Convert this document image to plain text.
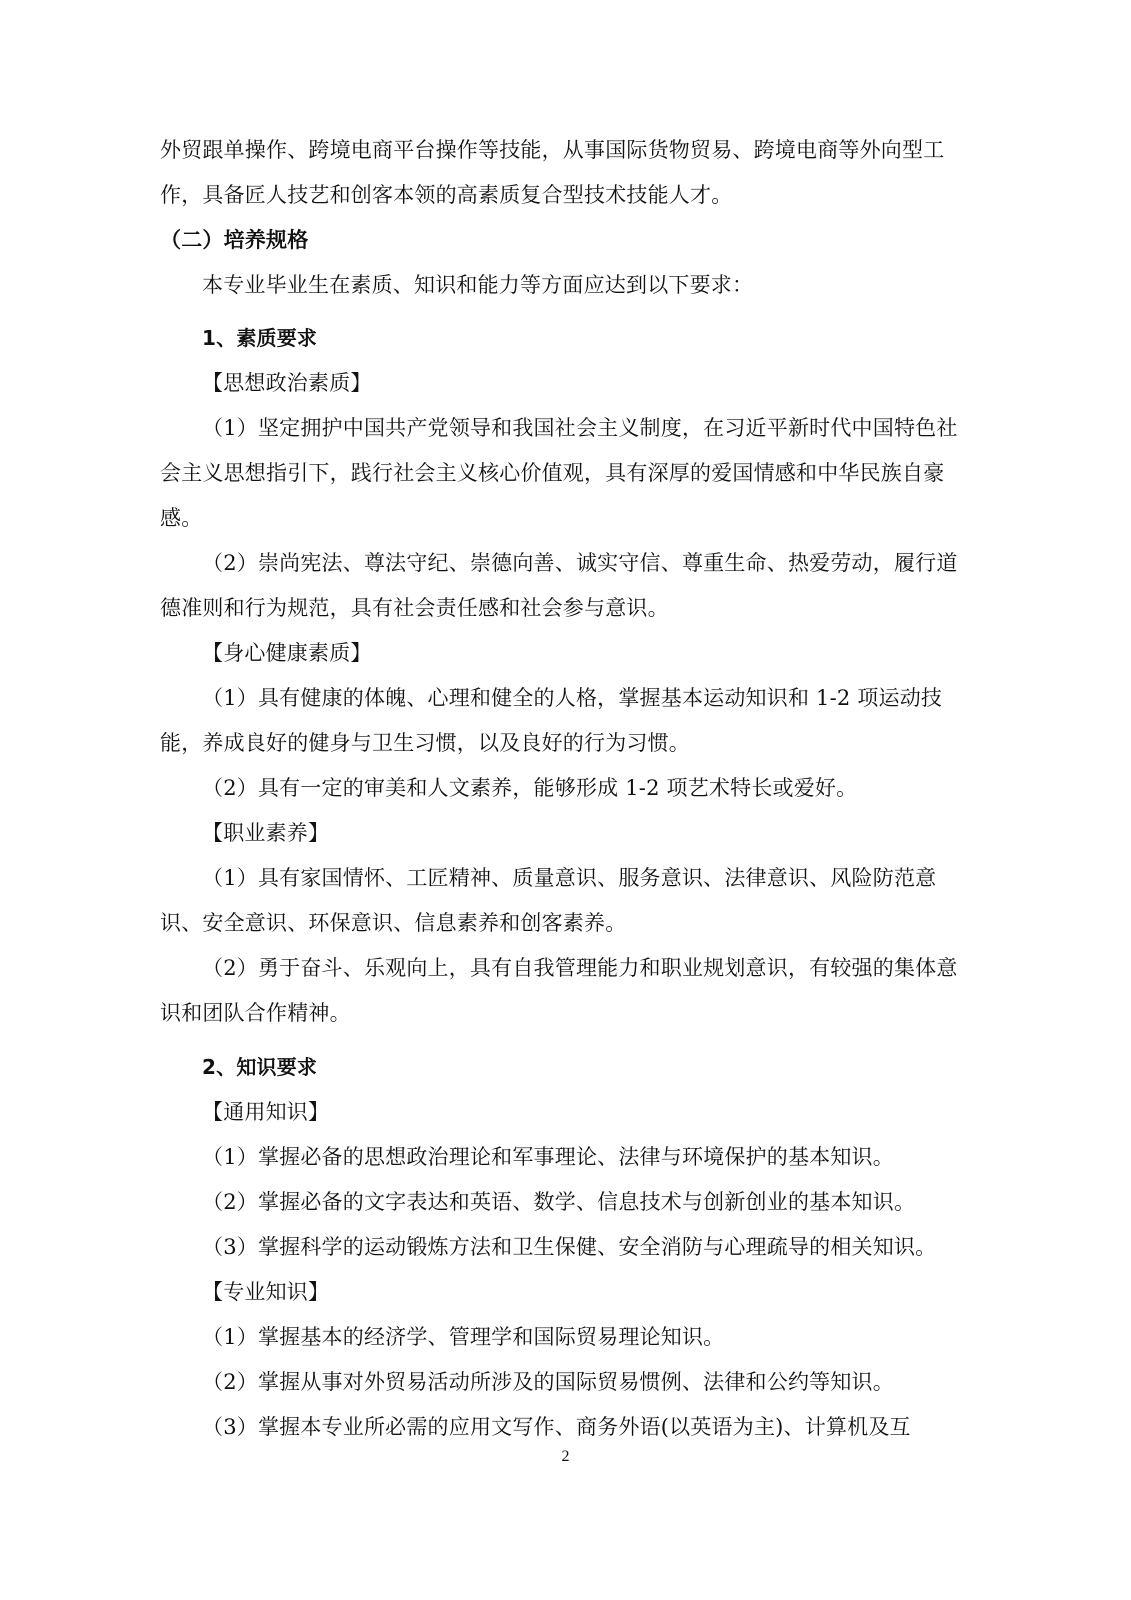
外贸跟单操作、跨境电商平台操作等技能，从事国际货物贸易、跨境电商等外向型工作，具备匠人技艺和创客本领的高素质复合型技术技能人才。

（二）培养规格

本专业毕业生在素质、知识和能力等方面应达到以下要求：

1、素质要求

【思想政治素质】

（1）坚定拥护中国共产党领导和我国社会主义制度，在习近平新时代中国特色社会主义思想指引下，践行社会主义核心价值观，具有深厚的爱国情感和中华民族自豪感。

（2）崇尚宪法、尊法守纪、崇德向善、诚实守信、尊重生命、热爱劳动，履行道德准则和行为规范，具有社会责任感和社会参与意识。

【身心健康素质】

（1）具有健康的体魄、心理和健全的人格，掌握基本运动知识和 1-2 项运动技能，养成良好的健身与卫生习惯，以及良好的行为习惯。

（2）具有一定的审美和人文素养，能够形成 1-2 项艺术特长或爱好。

【职业素养】

（1）具有家国情怀、工匠精神、质量意识、服务意识、法律意识、风险防范意识、安全意识、环保意识、信息素养和创客素养。

（2）勇于奋斗、乐观向上，具有自我管理能力和职业规划意识，有较强的集体意识和团队合作精神。

2、知识要求

【通用知识】

（1）掌握必备的思想政治理论和军事理论、法律与环境保护的基本知识。

（2）掌握必备的文字表达和英语、数学、信息技术与创新创业的基本知识。

（3）掌握科学的运动锻炼方法和卫生保健、安全消防与心理疏导的相关知识。

【专业知识】

（1）掌握基本的经济学、管理学和国际贸易理论知识。

（2）掌握从事对外贸易活动所涉及的国际贸易惯例、法律和公约等知识。

（3）掌握本专业所必需的应用文写作、商务外语(以英语为主)、计算机及互

2
